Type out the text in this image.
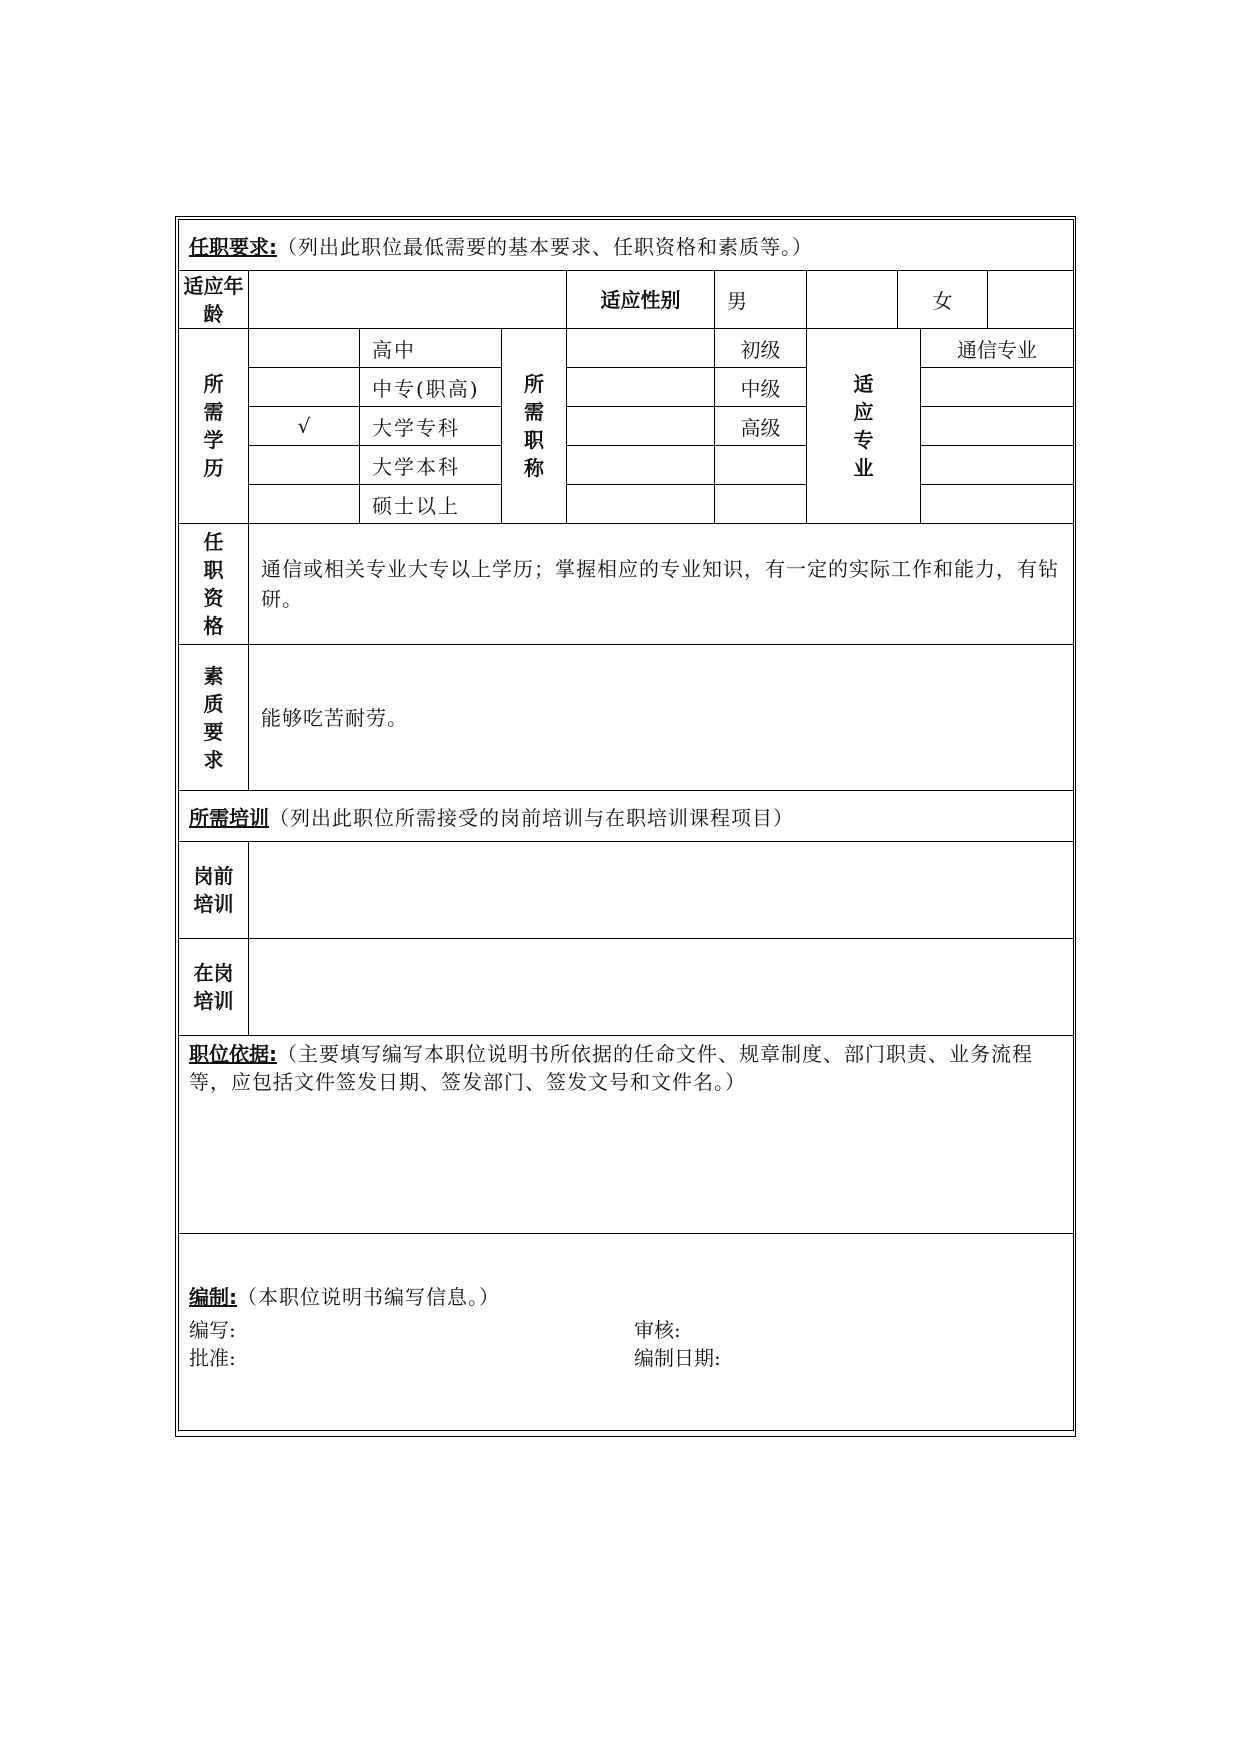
任职要求:（列出此职位最低需要的基本要求、任职资格和素质等。）									
适应年龄				适应性别	男		女		
所需学历		高中	所需职称		初级	适应专业		通信专业	
		中专(职高)			中级				
	√	大学专科			高级				
		大学本科							
		硕士以上							
任职资格	通信或相关专业大专以上学历；掌握相应的专业知识，有一定的实际工作和能力，有钻研。								
素质要求	能够吃苦耐劳。								
所需培训（列出此职位所需接受的岗前培训与在职培训课程项目）									
岗前培训									
在岗培训									
职位依据:（主要填写编写本职位说明书所依据的任命文件、规章制度、部门职责、业务流程等，应包括文件签发日期、签发部门、签发文号和文件名。）									

编制:（本职位说明书编写信息。）
编写: 审核:
批准: 编制日期:									
